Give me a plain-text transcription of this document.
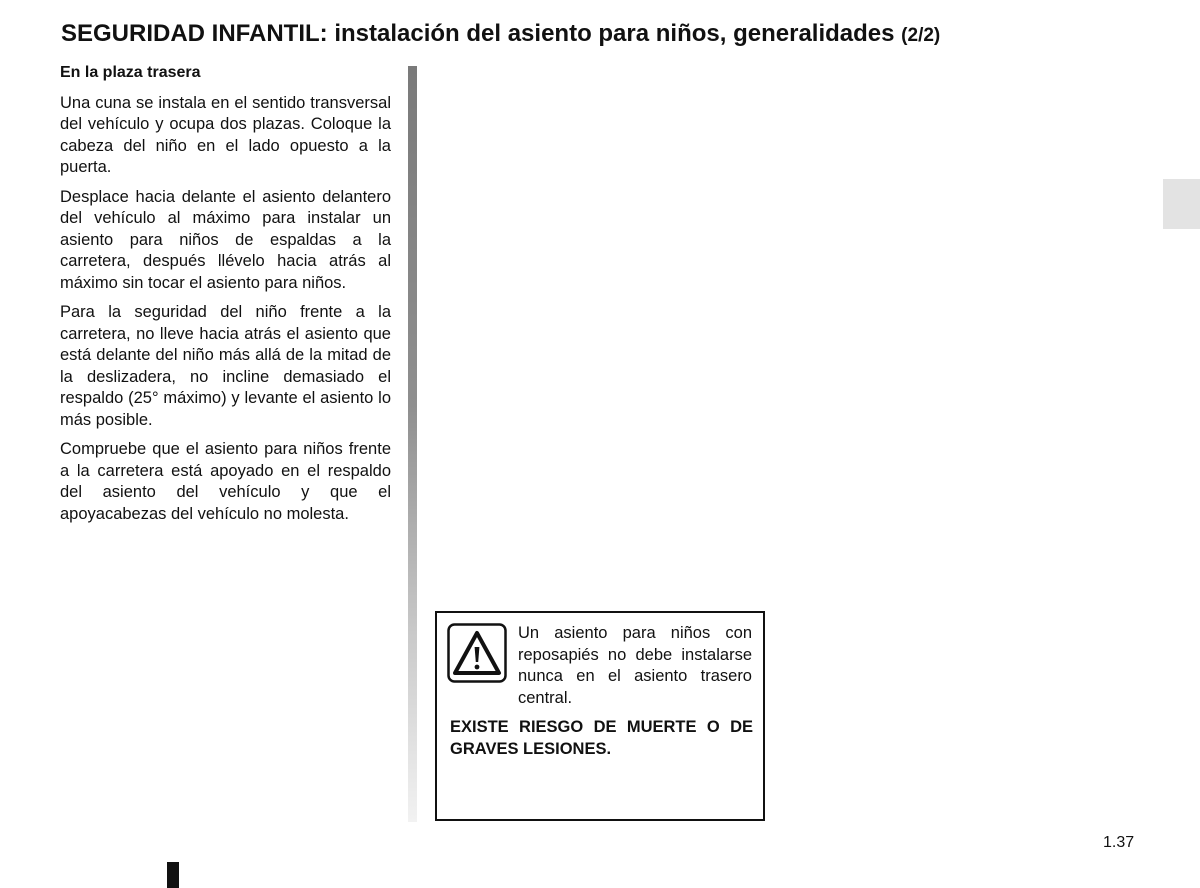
SEGURIDAD INFANTIL: instalación del asiento para niños, generalidades (2/2)
En la plaza trasera

Una cuna se instala en el sentido transversal del vehículo y ocupa dos plazas. Coloque la cabeza del niño en el lado opuesto a la puerta.

Desplace hacia delante el asiento delantero del vehículo al máximo para instalar un asiento para niños de espaldas a la carretera, después llévelo hacia atrás al máximo sin tocar el asiento para niños.

Para la seguridad del niño frente a la carretera, no lleve hacia atrás el asiento que está delante del niño más allá de la mitad de la deslizadera, no incline demasiado el respaldo (25° máximo) y levante el asiento lo más posible.

Compruebe que el asiento para niños frente a la carretera está apoyado en el respaldo del asiento del vehículo y que el apoyacabezas del vehículo no molesta.

Un asiento para niños con reposapiés no debe instalarse nunca en el asiento trasero central.
EXISTE RIESGO DE MUERTE O DE GRAVES LESIONES.
1.37
